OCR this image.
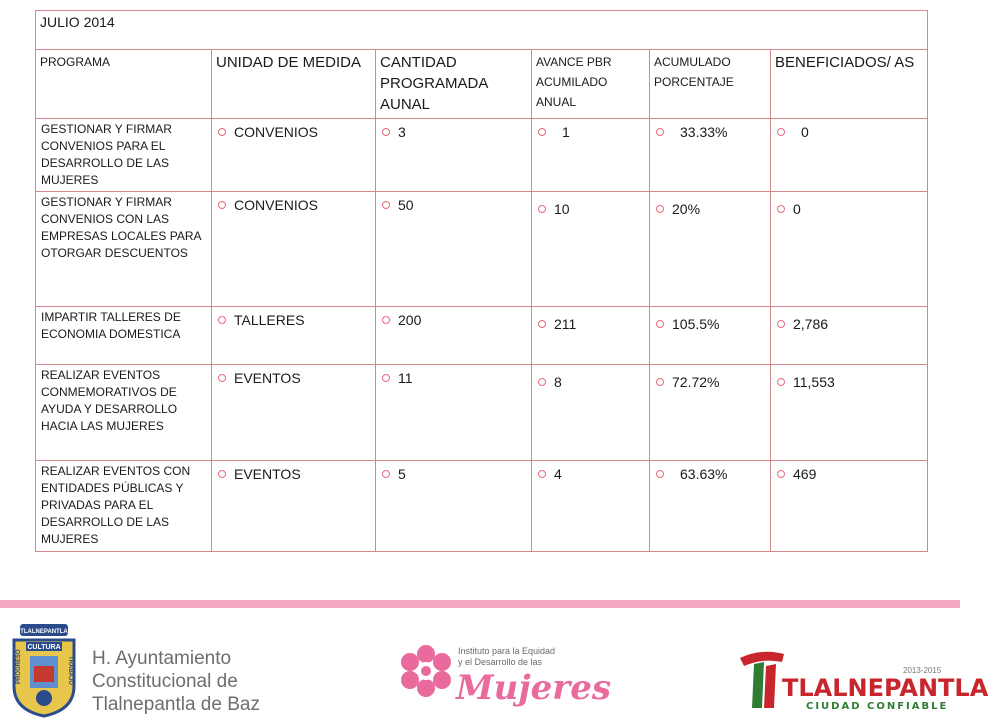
JULIO 2014					
PROGRAMA	UNIDAD DE MEDIDA	CANTIDAD PROGRAMADA AUNAL	AVANCE PBR ACUMILADO ANUAL	ACUMULADO PORCENTAJE	BENEFICIADOS/ AS
GESTIONAR Y FIRMAR CONVENIOS PARA EL DESARROLLO DE LAS MUJERES	CONVENIOS	3	1	33.33%	0

GESTIONAR Y FIRMAR CONVENIOS CON LAS EMPRESAS LOCALES PARA OTORGAR DESCUENTOS	CONVENIOS	50	10	20%	0

IMPARTIR TALLERES DE ECONOMIA DOMESTICA	TALLERES	200	211	105.5%	2,786

REALIZAR EVENTOS CONMEMORATIVOS DE AYUDA Y DESARROLLO HACIA LAS MUJERES	EVENTOS	11	8	72.72%	11,553

REALIZAR EVENTOS CON ENTIDADES PÚBLICAS Y PRIVADAS PARA EL DESARROLLO DE LAS MUJERES	EVENTOS	5	4	63.63%	469
TLALNEPANTLA
CULTURA
PROGRESO	TRABAJO H. Ayuntamiento
Constitucional de
Tlalnepantla de Baz
Instituto para la Equidad
y el Desarrollo de las
Mujeres	2013-2015
TLALNEPANTLA
CIUDAD CONFIABLE
